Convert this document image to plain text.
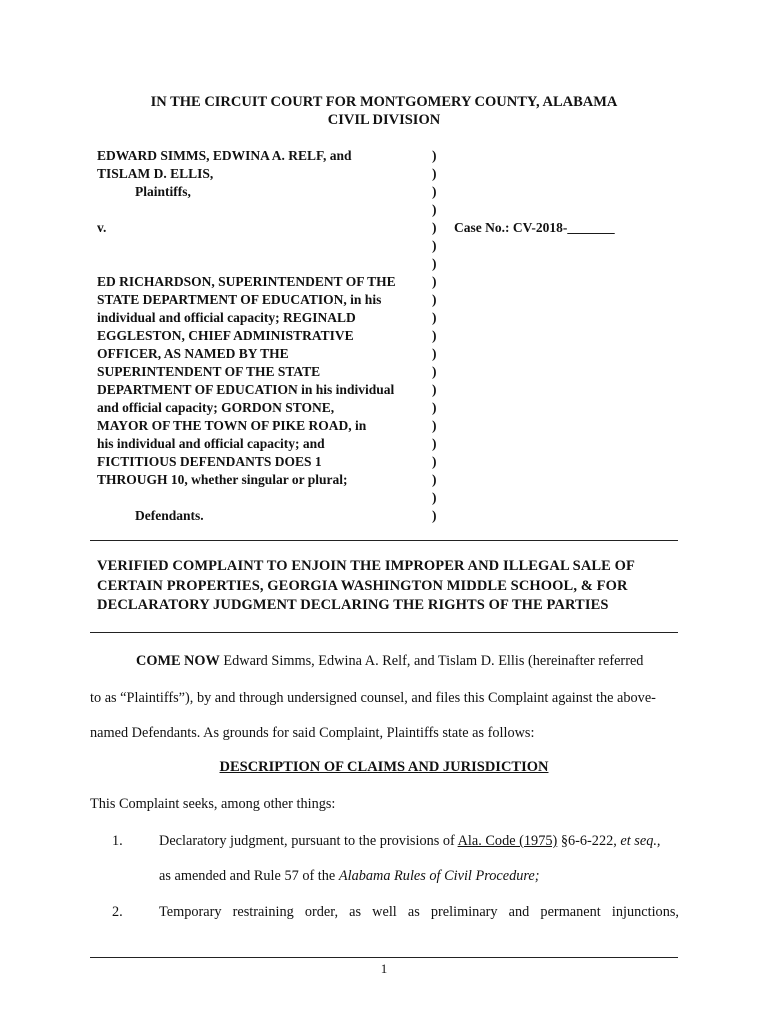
IN THE CIRCUIT COURT FOR MONTGOMERY COUNTY, ALABAMA
CIVIL DIVISION
EDWARD SIMMS, EDWINA A. RELF, and
TISLAM D. ELLIS,
Plaintiffs,
v.
ED RICHARDSON, SUPERINTENDENT OF THE
STATE DEPARTMENT OF EDUCATION, in his
individual and official capacity; REGINALD
EGGLESTON, CHIEF ADMINISTRATIVE
OFFICER, AS NAMED BY THE
SUPERINTENDENT OF THE STATE
DEPARTMENT OF EDUCATION in his individual
and official capacity; GORDON STONE,
MAYOR OF THE TOWN OF PIKE ROAD, in
his individual and official capacity; and
FICTITIOUS DEFENDANTS DOES 1
THROUGH 10, whether singular or plural;
Defendants.
)
)
)
)
)
)
)
)
)
)
)
)
)
)
)
)
)
)
)
)
)
Case No.: CV-2018-_______
VERIFIED COMPLAINT TO ENJOIN THE IMPROPER AND ILLEGAL SALE OF
CERTAIN PROPERTIES, GEORGIA WASHINGTON MIDDLE SCHOOL, & FOR
DECLARATORY JUDGMENT DECLARING THE RIGHTS OF THE PARTIES
COME NOW Edward Simms, Edwina A. Relf, and Tislam D. Ellis (hereinafter referred
to as “Plaintiffs”), by and through undersigned counsel, and files this Complaint against the above-
named Defendants. As grounds for said Complaint, Plaintiffs state as follows:
DESCRIPTION OF CLAIMS AND JURISDICTION
This Complaint seeks, among other things:
1.	Declaratory judgment, pursuant to the provisions of Ala. Code (1975) §6-6-222, et seq.,
as amended and Rule 57 of the Alabama Rules of Civil Procedure;
2.	Temporary restraining order, as well as preliminary and permanent injunctions,
1
